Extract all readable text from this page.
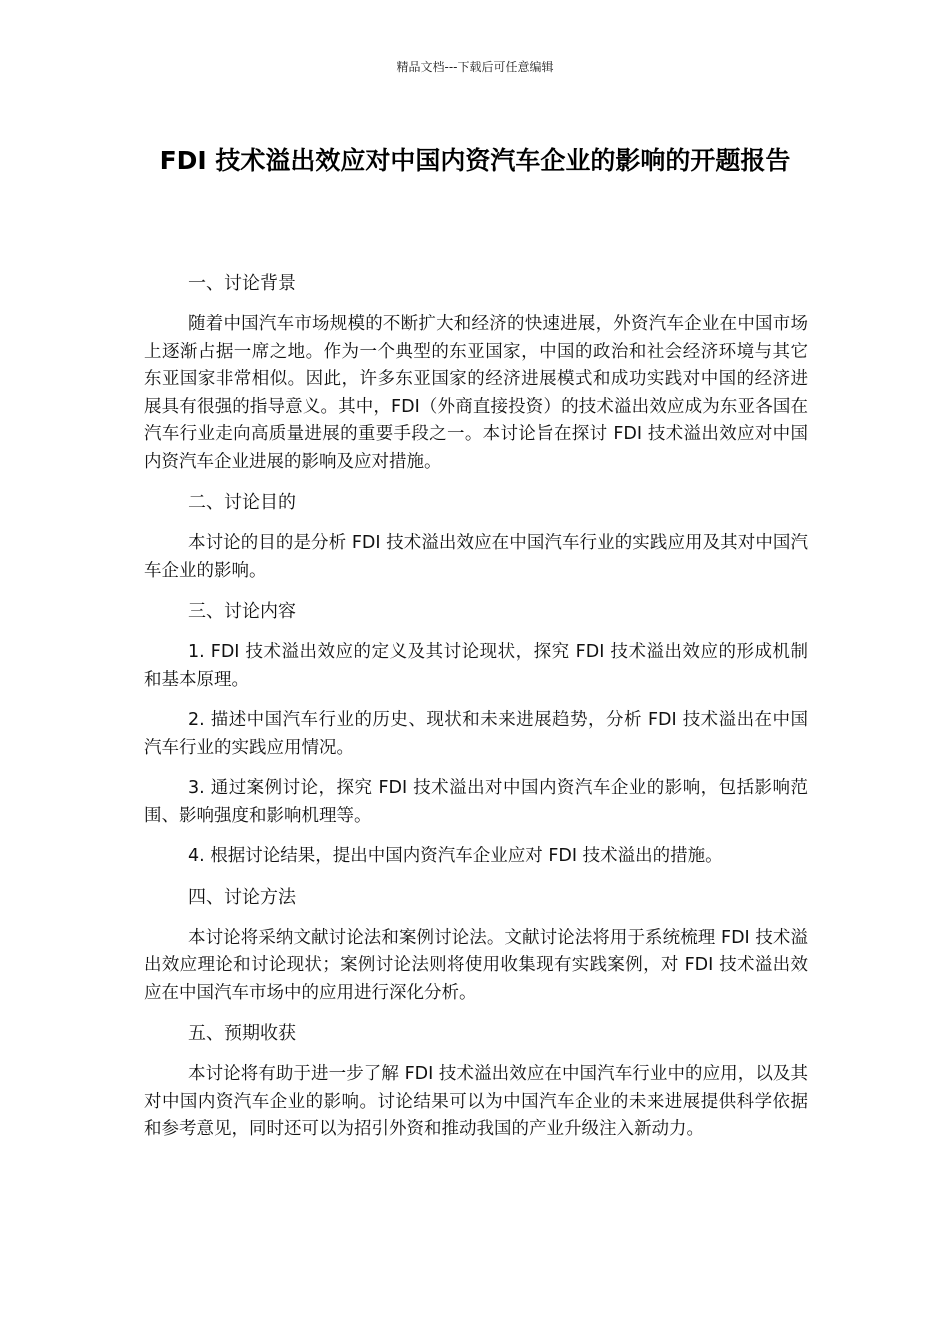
精品文档---下载后可任意编辑
FDI 技术溢出效应对中国内资汽车企业的影响的开题报告

一、讨论背景

随着中国汽车市场规模的不断扩大和经济的快速进展，外资汽车企业在中国市场上逐渐占据一席之地。作为一个典型的东亚国家，中国的政治和社会经济环境与其它东亚国家非常相似。因此，许多东亚国家的经济进展模式和成功实践对中国的经济进展具有很强的指导意义。其中，FDI（外商直接投资）的技术溢出效应成为东亚各国在汽车行业走向高质量进展的重要手段之一。本讨论旨在探讨 FDI 技术溢出效应对中国内资汽车企业进展的影响及应对措施。

二、讨论目的

本讨论的目的是分析 FDI 技术溢出效应在中国汽车行业的实践应用及其对中国汽车企业的影响。

三、讨论内容

1. FDI 技术溢出效应的定义及其讨论现状，探究 FDI 技术溢出效应的形成机制和基本原理。

2. 描述中国汽车行业的历史、现状和未来进展趋势，分析 FDI 技术溢出在中国汽车行业的实践应用情况。

3. 通过案例讨论，探究 FDI 技术溢出对中国内资汽车企业的影响，包括影响范围、影响强度和影响机理等。

4. 根据讨论结果，提出中国内资汽车企业应对 FDI 技术溢出的措施。

四、讨论方法

本讨论将采纳文献讨论法和案例讨论法。文献讨论法将用于系统梳理 FDI 技术溢出效应理论和讨论现状；案例讨论法则将使用收集现有实践案例，对 FDI 技术溢出效应在中国汽车市场中的应用进行深化分析。

五、预期收获

本讨论将有助于进一步了解 FDI 技术溢出效应在中国汽车行业中的应用，以及其对中国内资汽车企业的影响。讨论结果可以为中国汽车企业的未来进展提供科学依据和参考意见，同时还可以为招引外资和推动我国的产业升级注入新动力。
